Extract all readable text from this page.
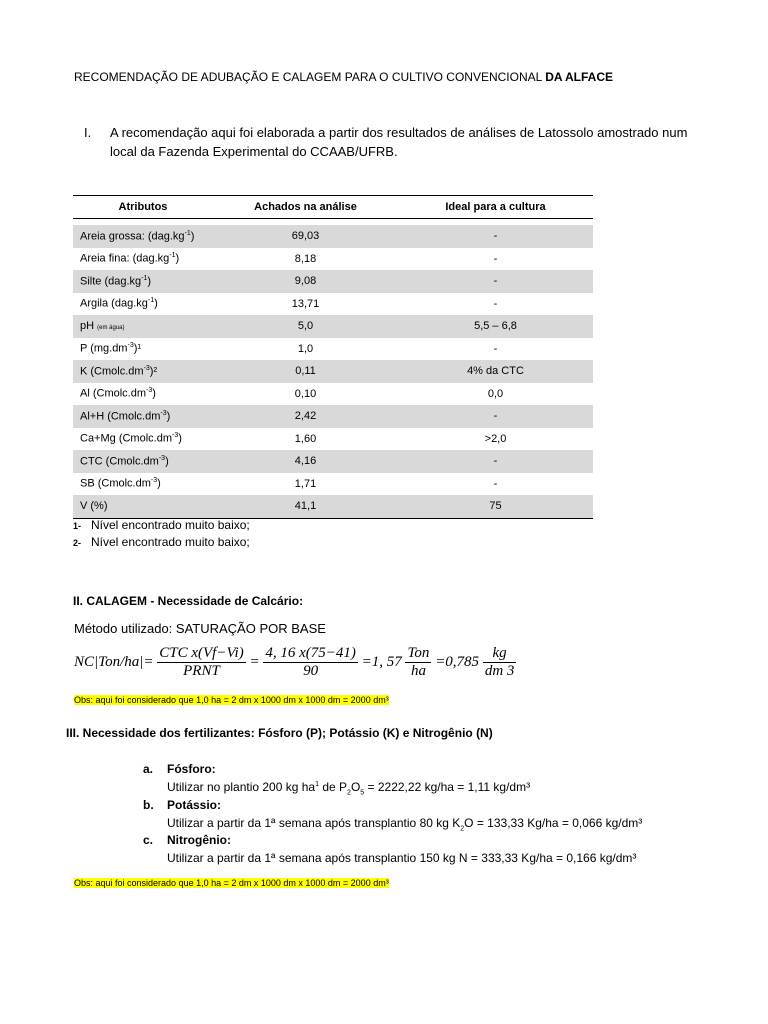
RECOMENDAÇÃO DE ADUBAÇÃO E CALAGEM PARA O CULTIVO CONVENCIONAL DA ALFACE
I. A recomendação aqui foi elaborada a partir dos resultados de análises de Latossolo amostrado num local da Fazenda Experimental do CCAAB/UFRB.
Atributos	Achados na análise	Ideal para a cultura

Areia grossa: $(dag.kg^{-1})$	69,03	-
Areia fina: $(dag.kg^{-1})$	8,18	-
Silte $(dag.kg^{-1})$	9,08	-
Argila $(dag.kg^{-1})$	13,71	-
pH (em água)	5,0	5,5 – 6,8
P $(mg.dm^{-3})^1$	1,0	-
K $(Cmolc.dm^{-3})^2$	0,11	4% da CTC
Al $(Cmolc.dm^{-3})$	0,10	0,0
Al+H $(Cmolc.dm^{-3})$	2,42	-
Ca+Mg $(Cmolc.dm^{-3})$	1,60	>2,0
CTC $(Cmolc.dm^{-3})$	4,16	-
SB $(Cmolc.dm^{-3})$	1,71	-
V (%)	41,1	75
1- Nível encontrado muito baixo;
2- Nível encontrado muito baixo;
II. CALAGEM - Necessidade de Calcário:
Método utilizado: SATURAÇÃO POR BASE
$NC|Ton/ha|= \frac{\text{CTC x(Vf−Vi)}}{\text{PRNT}} = \frac{4, 16 x(75-41)}{90} =1$, $57 \frac{\text{Ton}}{ha} =0,785 \frac{kg}{dm 3}$
Obs: aqui foi considerado que 1,0 ha = 2 dm x 1000 dm x 1000 dm = 2000 dm³
III. Necessidade dos fertilizantes: Fósforo (P); Potássio (K) e Nitrogênio (N)
a. Fósforo:
Utilizar no plantio 200 kg $ha^1$ de $P_2O_5 = 2222,22$ kg/ha = 1,11 kg/dm³
b. Potássio:
Utilizar a partir da 1ª semana após transplantio 80 kg $K_2O = 133,33$ Kg/ha = 0,066 kg/dm³
c. Nitrogênio:
Utilizar a partir da 1ª semana após transplantio 150 kg N = 333,33 Kg/ha = 0,166 kg/dm³
Obs: aqui foi considerado que 1,0 ha = 2 dm x 1000 dm x 1000 dm = 2000 dm³
